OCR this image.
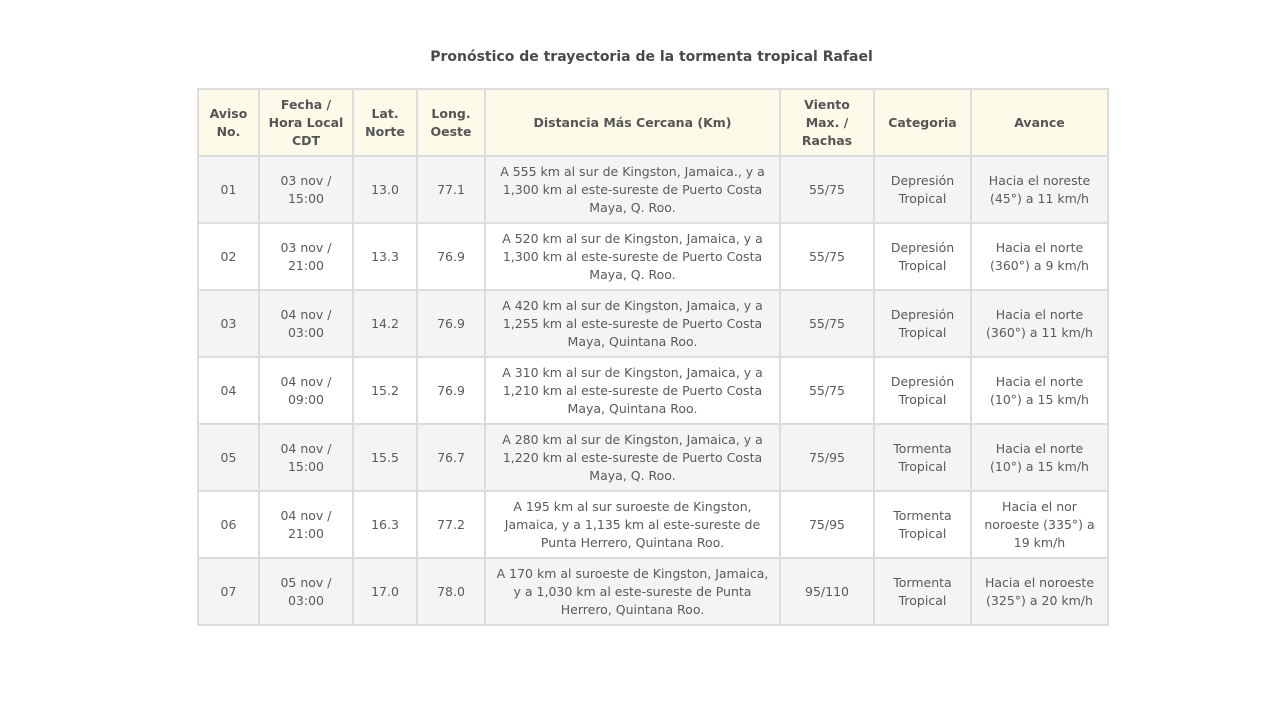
Pronóstico de trayectoria de la tormenta tropical Rafael
Aviso No.	Fecha / Hora Local CDT	Lat. Norte	Long. Oeste	Distancia Más Cercana (Km)	Viento Max. / Rachas	Categoria	Avance
01	03 nov / 15:00	13.0	77.1	A 555 km al sur de Kingston, Jamaica., y a 1,300 km al este-sureste de Puerto Costa Maya, Q. Roo.	55/75	Depresión Tropical	Hacia el noreste (45°) a 11 km/h
02	03 nov / 21:00	13.3	76.9	A 520 km al sur de Kingston, Jamaica, y a 1,300 km al este-sureste de Puerto Costa Maya, Q. Roo.	55/75	Depresión Tropical	Hacia el norte (360°) a 9 km/h
03	04 nov / 03:00	14.2	76.9	A 420 km al sur de Kingston, Jamaica, y a 1,255 km al este-sureste de Puerto Costa Maya, Quintana Roo.	55/75	Depresión Tropical	Hacia el norte (360°) a 11 km/h
04	04 nov / 09:00	15.2	76.9	A 310 km al sur de Kingston, Jamaica, y a 1,210 km al este-sureste de Puerto Costa Maya, Quintana Roo.	55/75	Depresión Tropical	Hacia el norte (10°) a 15 km/h
05	04 nov / 15:00	15.5	76.7	A 280 km al sur de Kingston, Jamaica, y a 1,220 km al este-sureste de Puerto Costa Maya, Q. Roo.	75/95	Tormenta Tropical	Hacia el norte (10°) a 15 km/h
06	04 nov / 21:00	16.3	77.2	A 195 km al sur suroeste de Kingston, Jamaica, y a 1,135 km al este-sureste de Punta Herrero, Quintana Roo.	75/95	Tormenta Tropical	Hacia el nor noroeste (335°) a 19 km/h
07	05 nov / 03:00	17.0	78.0	A 170 km al suroeste de Kingston, Jamaica, y a 1,030 km al este-sureste de Punta Herrero, Quintana Roo.	95/110	Tormenta Tropical	Hacia el noroeste (325°) a 20 km/h
